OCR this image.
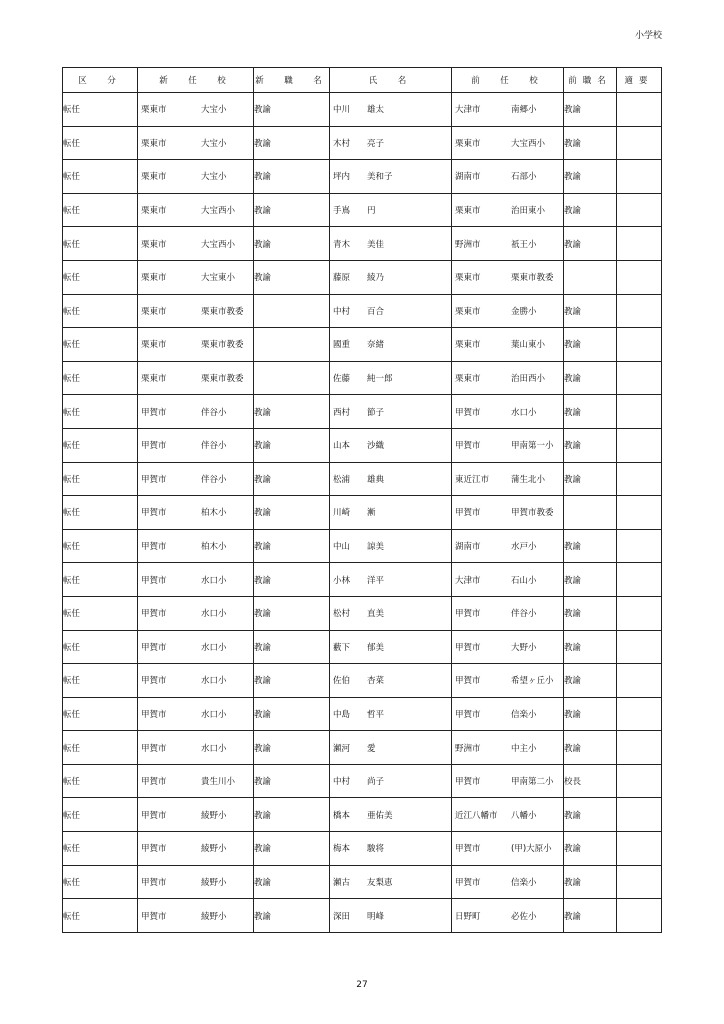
小学校
区　分	新　任　校	新　職　名	氏　名	前　任　校	前職名	適要
転任	栗東市 大宝小	教諭	中川 雄太	大津市 南郷小	教諭	
転任	栗東市 大宝小	教諭	木村 亮子	栗東市 大宝西小	教諭	
転任	栗東市 大宝小	教諭	坪内 美和子	湖南市 石部小	教諭	
転任	栗東市 大宝西小	教諭	手嶌 円	栗東市 治田東小	教諭	
転任	栗東市 大宝西小	教諭	青木 美佳	野洲市 祇王小	教諭	
転任	栗東市 大宝東小	教諭	藤原 綾乃	栗東市 栗東市教委		

転任	栗東市 栗東市教委		中村 百合	栗東市 金勝小	教諭	
転任	栗東市 栗東市教委		國重 奈緒	栗東市 葉山東小	教諭	
転任	栗東市 栗東市教委		佐藤 純一郎	栗東市 治田西小	教諭	
転任	甲賀市 伴谷小	教諭	西村 節子	甲賀市 水口小	教諭	
転任	甲賀市 伴谷小	教諭	山本 沙織	甲賀市 甲南第一小	教諭	
転任	甲賀市 伴谷小	教諭	松浦 雄典	東近江市 蒲生北小	教諭	
転任	甲賀市 柏木小	教諭	川崎 漸	甲賀市 甲賀市教委		

転任	甲賀市 柏木小	教諭	中山 諒美	湖南市 水戸小	教諭	
転任	甲賀市 水口小	教諭	小林 洋平	大津市 石山小	教諭	
転任	甲賀市 水口小	教諭	松村 直美	甲賀市 伴谷小	教諭	
転任	甲賀市 水口小	教諭	藪下 郁美	甲賀市 大野小	教諭	
転任	甲賀市 水口小	教諭	佐伯 杏菜	甲賀市 希望ヶ丘小	教諭	
転任	甲賀市 水口小	教諭	中島 哲平	甲賀市 信楽小	教諭	
転任	甲賀市 水口小	教諭	瀬河 愛	野洲市 中主小	教諭	
転任	甲賀市 貴生川小	教諭	中村 尚子	甲賀市 甲南第二小	校長	
転任	甲賀市 綾野小	教諭	橋本 亜佑美	近江八幡市 八幡小	教諭	
転任	甲賀市 綾野小	教諭	梅本 駿将	甲賀市 (甲)大原小	教諭	
転任	甲賀市 綾野小	教諭	瀬古 友梨恵	甲賀市 信楽小	教諭	
転任	甲賀市 綾野小	教諭	深田 明峰	日野町 必佐小	教諭	
27
